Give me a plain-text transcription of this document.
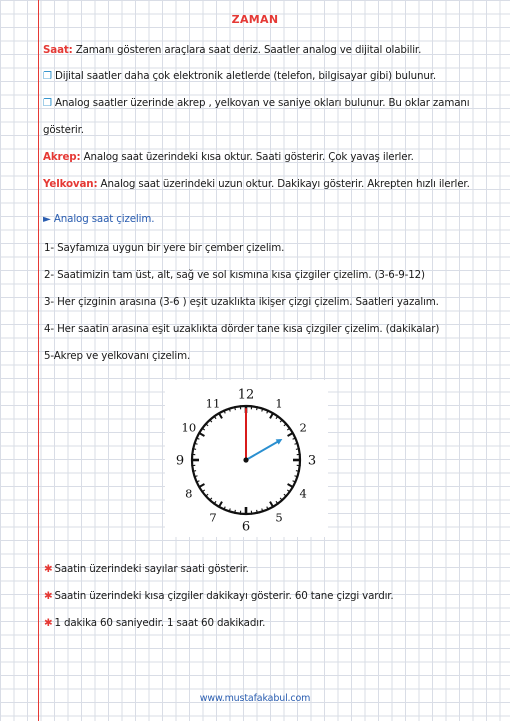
ZAMAN
Saat: Zamanı gösteren araçlara saat deriz. Saatler analog ve dijital olabilir.
❐ Dijital saatler daha çok elektronik aletlerde (telefon, bilgisayar gibi) bulunur.
❐ Analog saatler üzerinde akrep , yelkovan ve saniye okları bulunur. Bu oklar zamanı
gösterir.
Akrep: Analog saat üzerindeki kısa oktur. Saati gösterir. Çok yavaş ilerler.
Yelkovan: Analog saat üzerindeki uzun oktur. Dakikayı gösterir. Akrepten hızlı ilerler.
► Analog saat çizelim.
1- Sayfamıza uygun bir yere bir çember çizelim.
2- Saatimizin tam üst, alt, sağ ve sol kısmına kısa çizgiler çizelim. (3-6-9-12)
3- Her çizginin arasına (3-6 ) eşit uzaklıkta ikişer çizgi çizelim. Saatleri yazalım.
4- Her saatin arasına eşit uzaklıkta dörder tane kısa çizgiler çizelim. (dakikalar)
5-Akrep ve yelkovanı çizelim.
1
2
3
4
5
6
7
8
9
10
11
12
✱ Saatin üzerindeki sayılar saati gösterir.
✱ Saatin üzerindeki kısa çizgiler dakikayı gösterir. 60 tane çizgi vardır.
✱ 1 dakika 60 saniyedir. 1 saat 60 dakikadır.
www.mustafakabul.com
